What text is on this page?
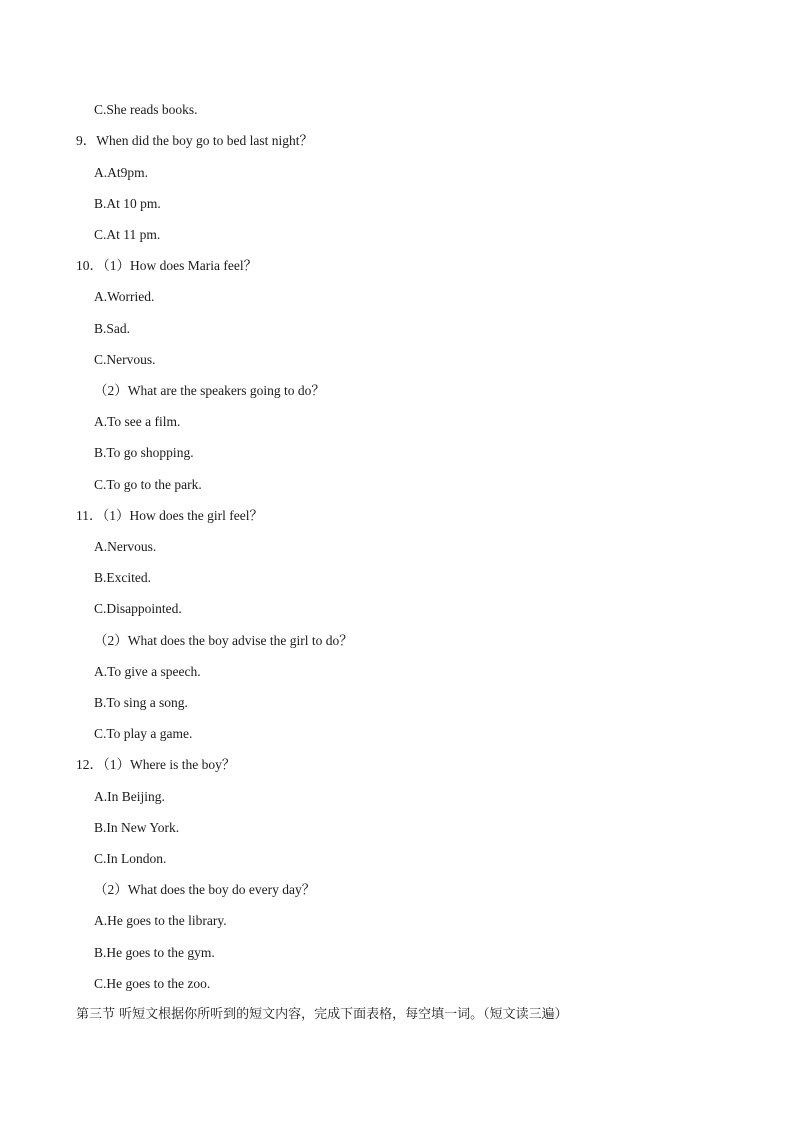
C.She reads books.
9．When did the boy go to bed last night？
A.At9pm.
B.At 10 pm.
C.At 11 pm.
10．（1）How does Maria feel？
A.Worried.
B.Sad.
C.Nervous.
（2）What are the speakers going to do？
A.To see a film.
B.To go shopping.
C.To go to the park.
11．（1）How does the girl feel？
A.Nervous.
B.Excited.
C.Disappointed.
（2）What does the boy advise the girl to do？
A.To give a speech.
B.To sing a song.
C.To play a game.
12．（1）Where is the boy？
A.In Beijing.
B.In New York.
C.In London.
（2）What does the boy do every day？
A.He goes to the library.
B.He goes to the gym.
C.He goes to the zoo.
第三节 听短文根据你所听到的短文内容，完成下面表格，每空填一词。（短文读三遍）
